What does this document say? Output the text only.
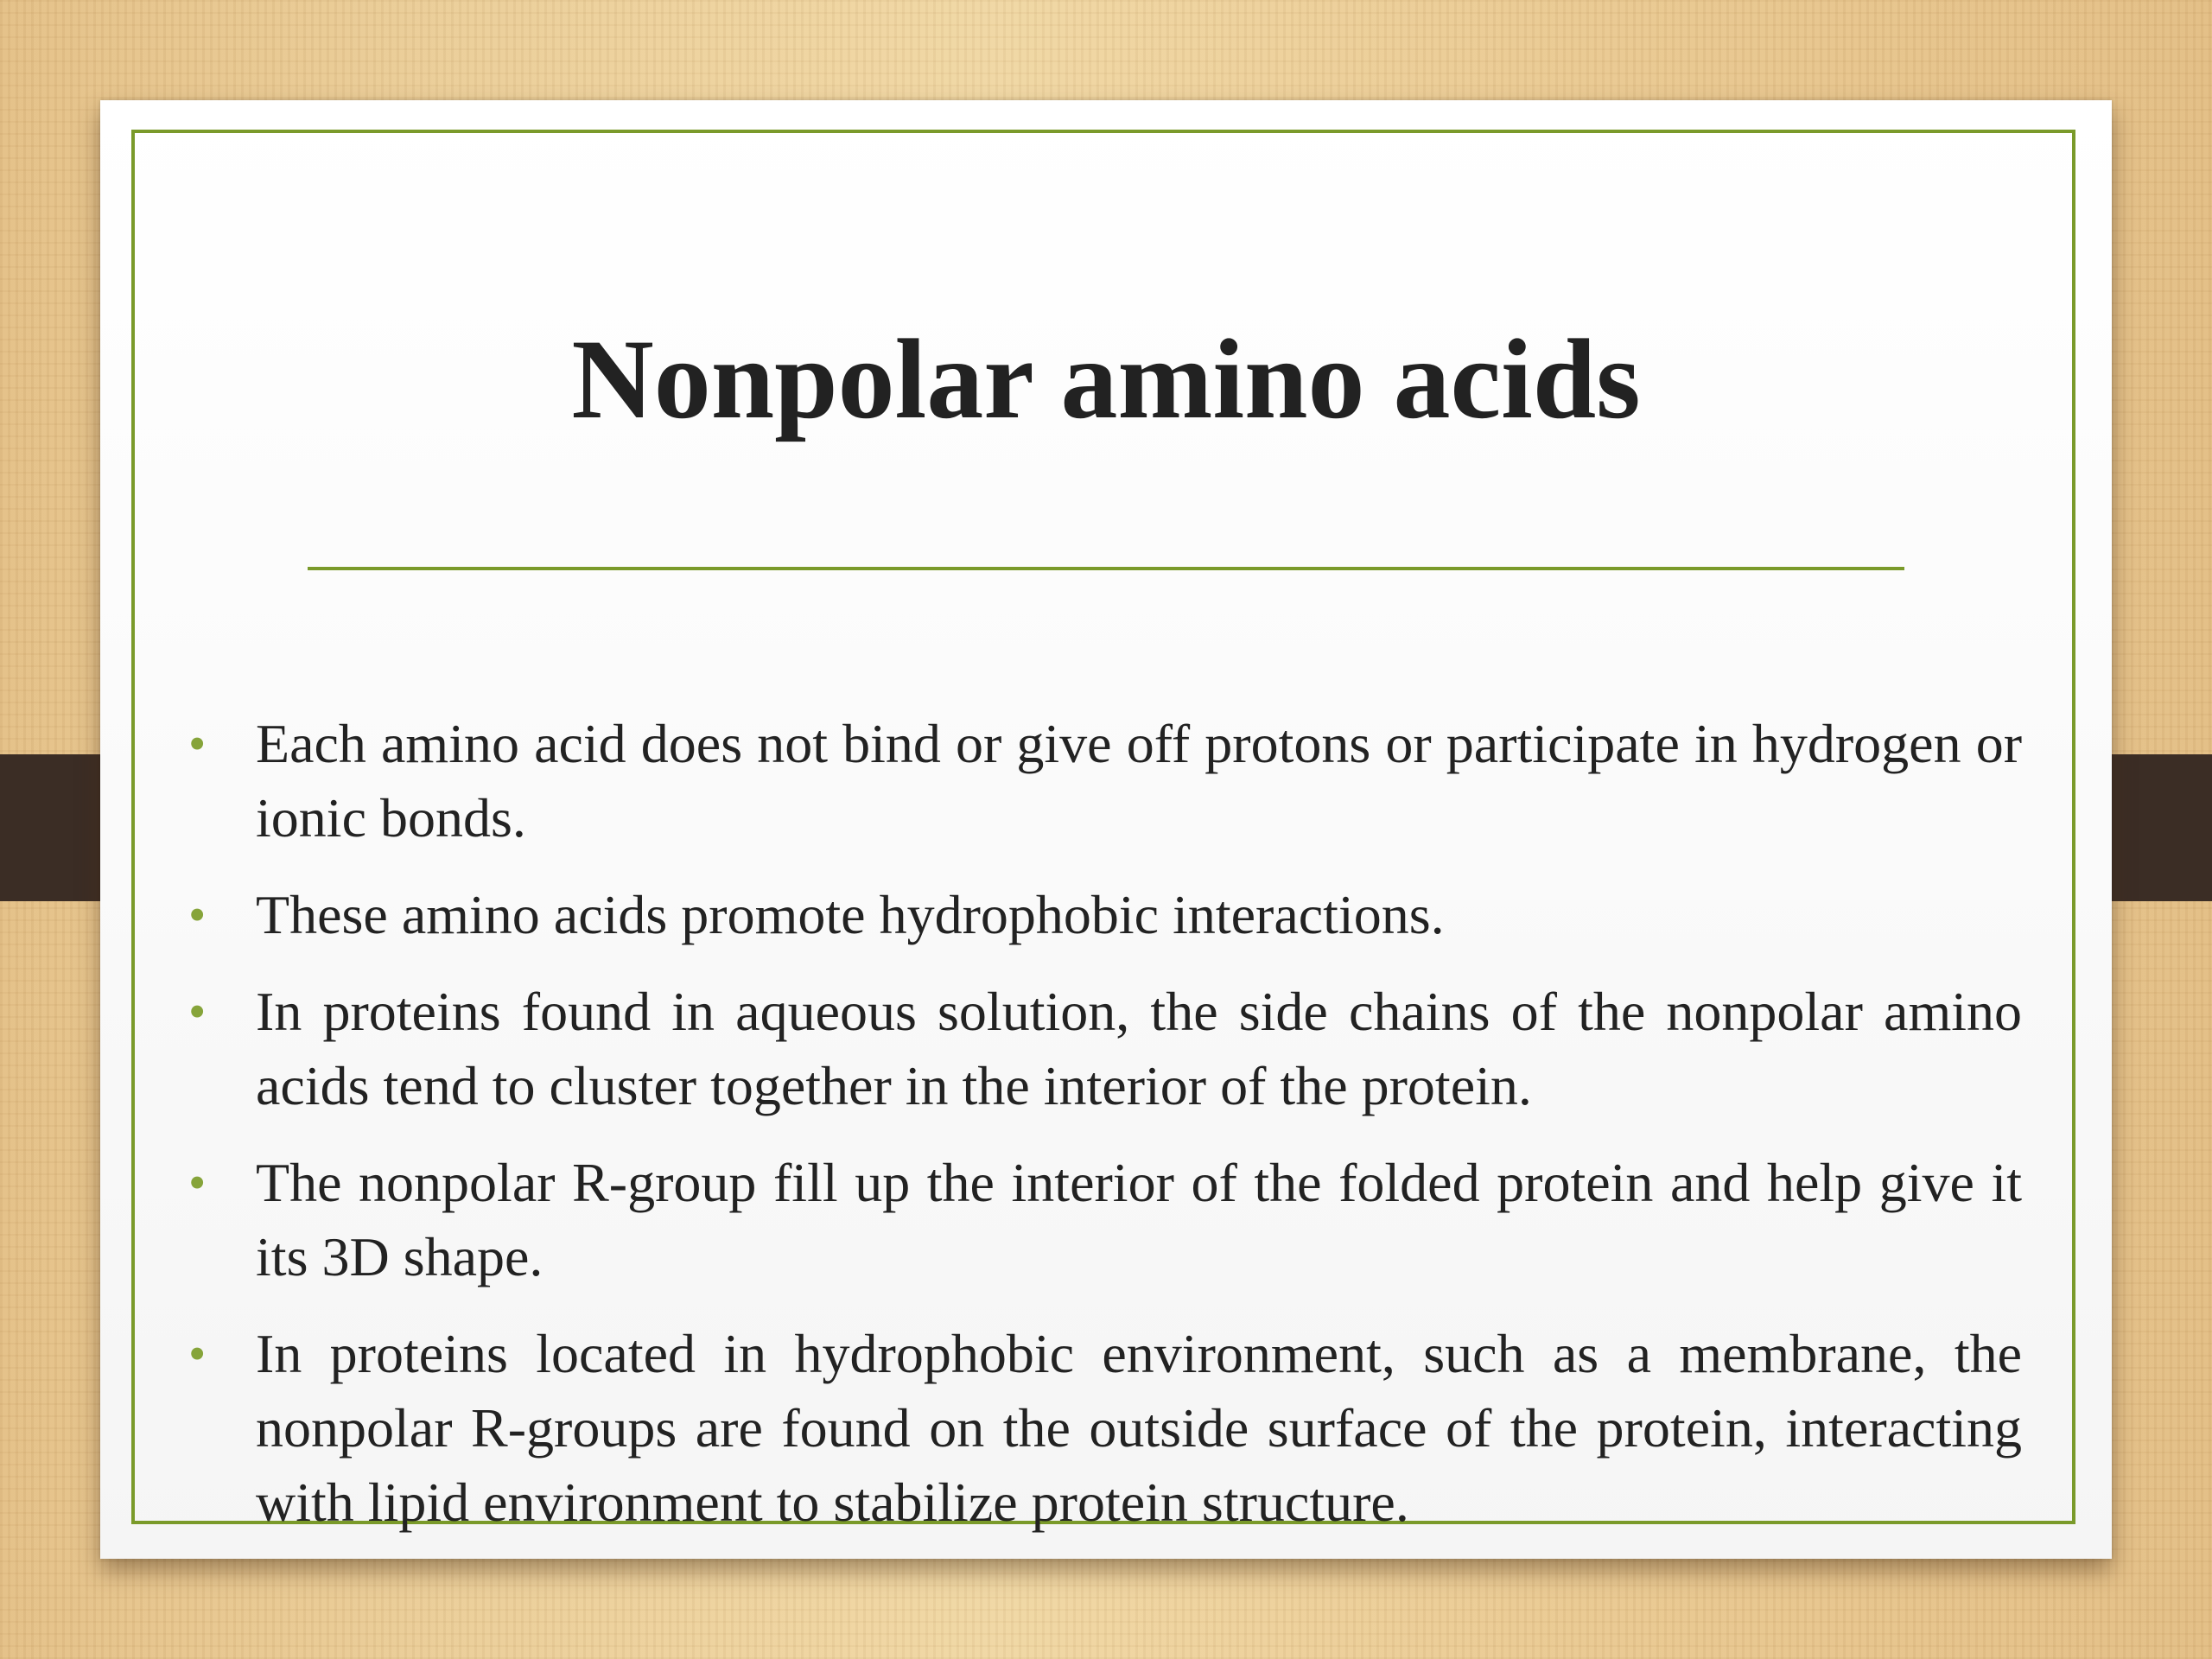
Nonpolar amino acids
• Each amino acid does not bind or give off protons or participate in hydrogen or ionic bonds.
• These amino acids promote hydrophobic interactions.
• In proteins found in aqueous solution, the side chains of the nonpolar amino acids tend to cluster together in the interior of the protein.
• The nonpolar R-group fill up the interior of the folded protein and help give it its 3D shape.
• In proteins located in hydrophobic environment, such as a membrane, the nonpolar R-groups are found on the outside surface of the protein, interacting with lipid environment to stabilize protein structure.
